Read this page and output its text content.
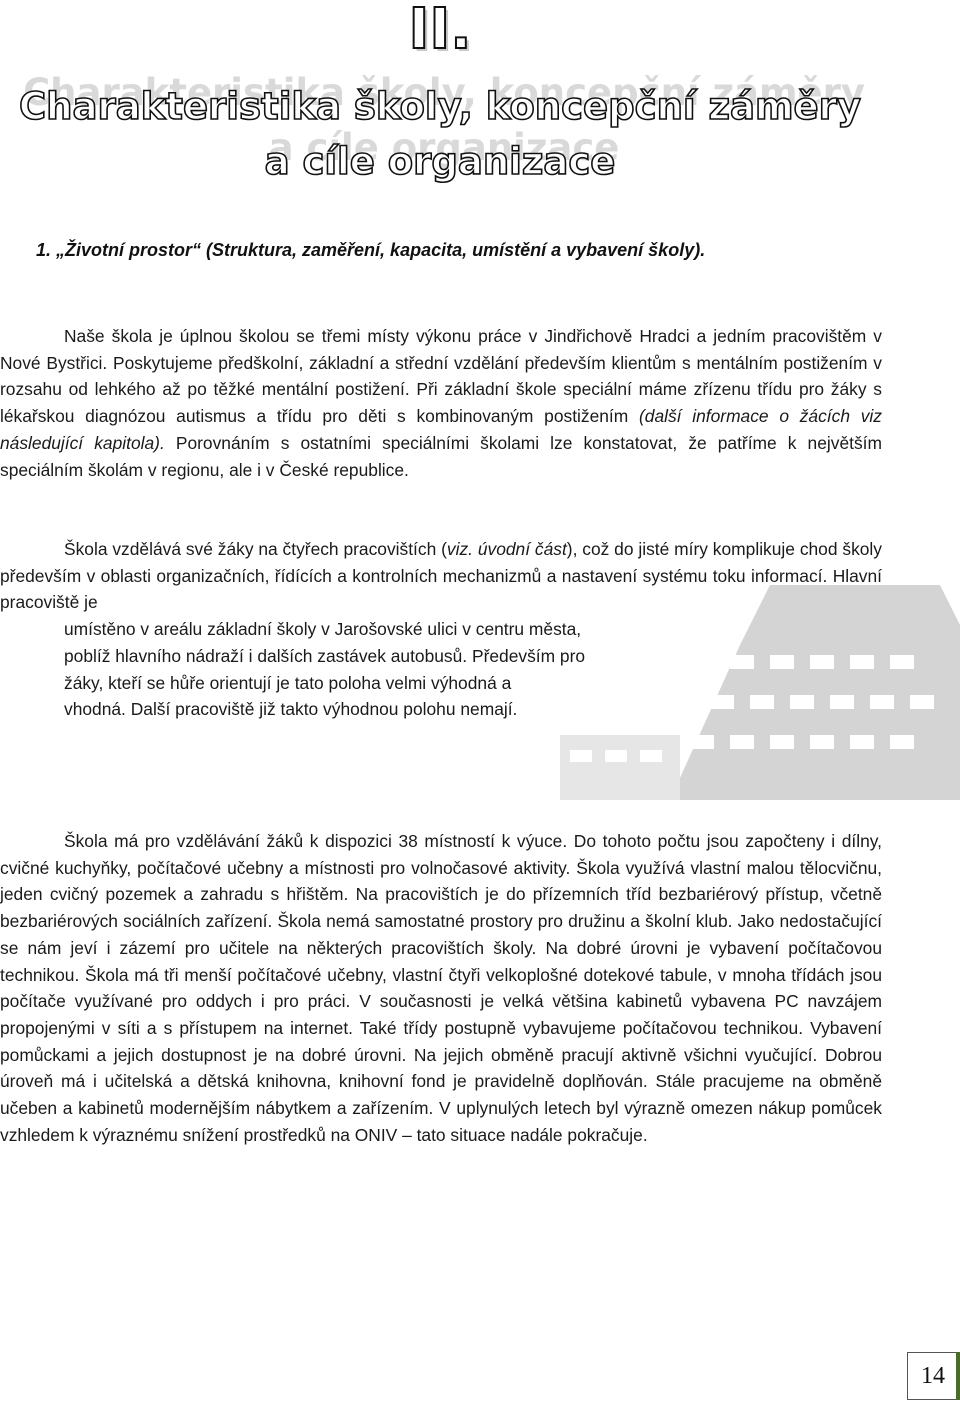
II.
Charakteristika školy, koncepční záměry
a cíle organizace
1. „Životní prostor“ (Struktura, zaměření, kapacita, umístění a vybavení školy).

Naše škola je úplnou školou se třemi místy výkonu práce v Jindřichově Hradci a jedním pracovištěm v Nové Bystřici. Poskytujeme předškolní, základní a střední vzdělání především klientům s mentálním postižením v rozsahu od lehkého až po těžké mentální postižení. Při základní škole speciální máme zřízenu třídu pro žáky s lékařskou diagnózou autismus a třídu pro děti s kombinovaným postižením (další informace o žácích viz následující kapitola). Porovnáním s ostatními speciálními školami lze konstatovat, že patříme k největším speciálním školám v regionu, ale i v České republice.

Škola vzdělává své žáky na čtyřech pracovištích (viz. úvodní část), což do jisté míry komplikuje chod školy především v oblasti organizačních, řídících a kontrolních mechanizmů a nastavení systému toku informací. Hlavní pracoviště je
umístěno v areálu základní školy v Jarošovské ulici v centru města,
poblíž hlavního nádraží i dalších zastávek autobusů. Především pro
žáky, kteří se hůře orientují je tato poloha velmi výhodná a
vhodná. Další pracoviště již takto výhodnou polohu nemají.

Škola má pro vzdělávání žáků k dispozici 38 místností k výuce. Do tohoto počtu jsou započteny i dílny, cvičné kuchyňky, počítačové učebny a místnosti pro volnočasové aktivity. Škola využívá vlastní malou tělocvičnu, jeden cvičný pozemek a zahradu s hřištěm. Na pracovištích je do přízemních tříd bezbariérový přístup, včetně bezbariérových sociálních zařízení. Škola nemá samostatné prostory pro družinu a školní klub. Jako nedostačující se nám jeví i zázemí pro učitele na některých pracovištích školy. Na dobré úrovni je vybavení počítačovou technikou. Škola má tři menší počítačové učebny, vlastní čtyři velkoplošné dotekové tabule, v mnoha třídách jsou počítače využívané pro oddych i pro práci. V současnosti je velká většina kabinetů vybavena PC navzájem propojenými v síti a s přístupem na internet. Také třídy postupně vybavujeme počítačovou technikou. Vybavení pomůckami a jejich dostupnost je na dobré úrovni. Na jejich obměně pracují aktivně všichni vyučující. Dobrou úroveň má i učitelská a dětská knihovna, knihovní fond je pravidelně doplňován. Stále pracujeme na obměně učeben a kabinetů modernějším nábytkem a zařízením. V uplynulých letech byl výrazně omezen nákup pomůcek vzhledem k výraznému snížení prostředků na ONIV – tato situace nadále pokračuje.

14
